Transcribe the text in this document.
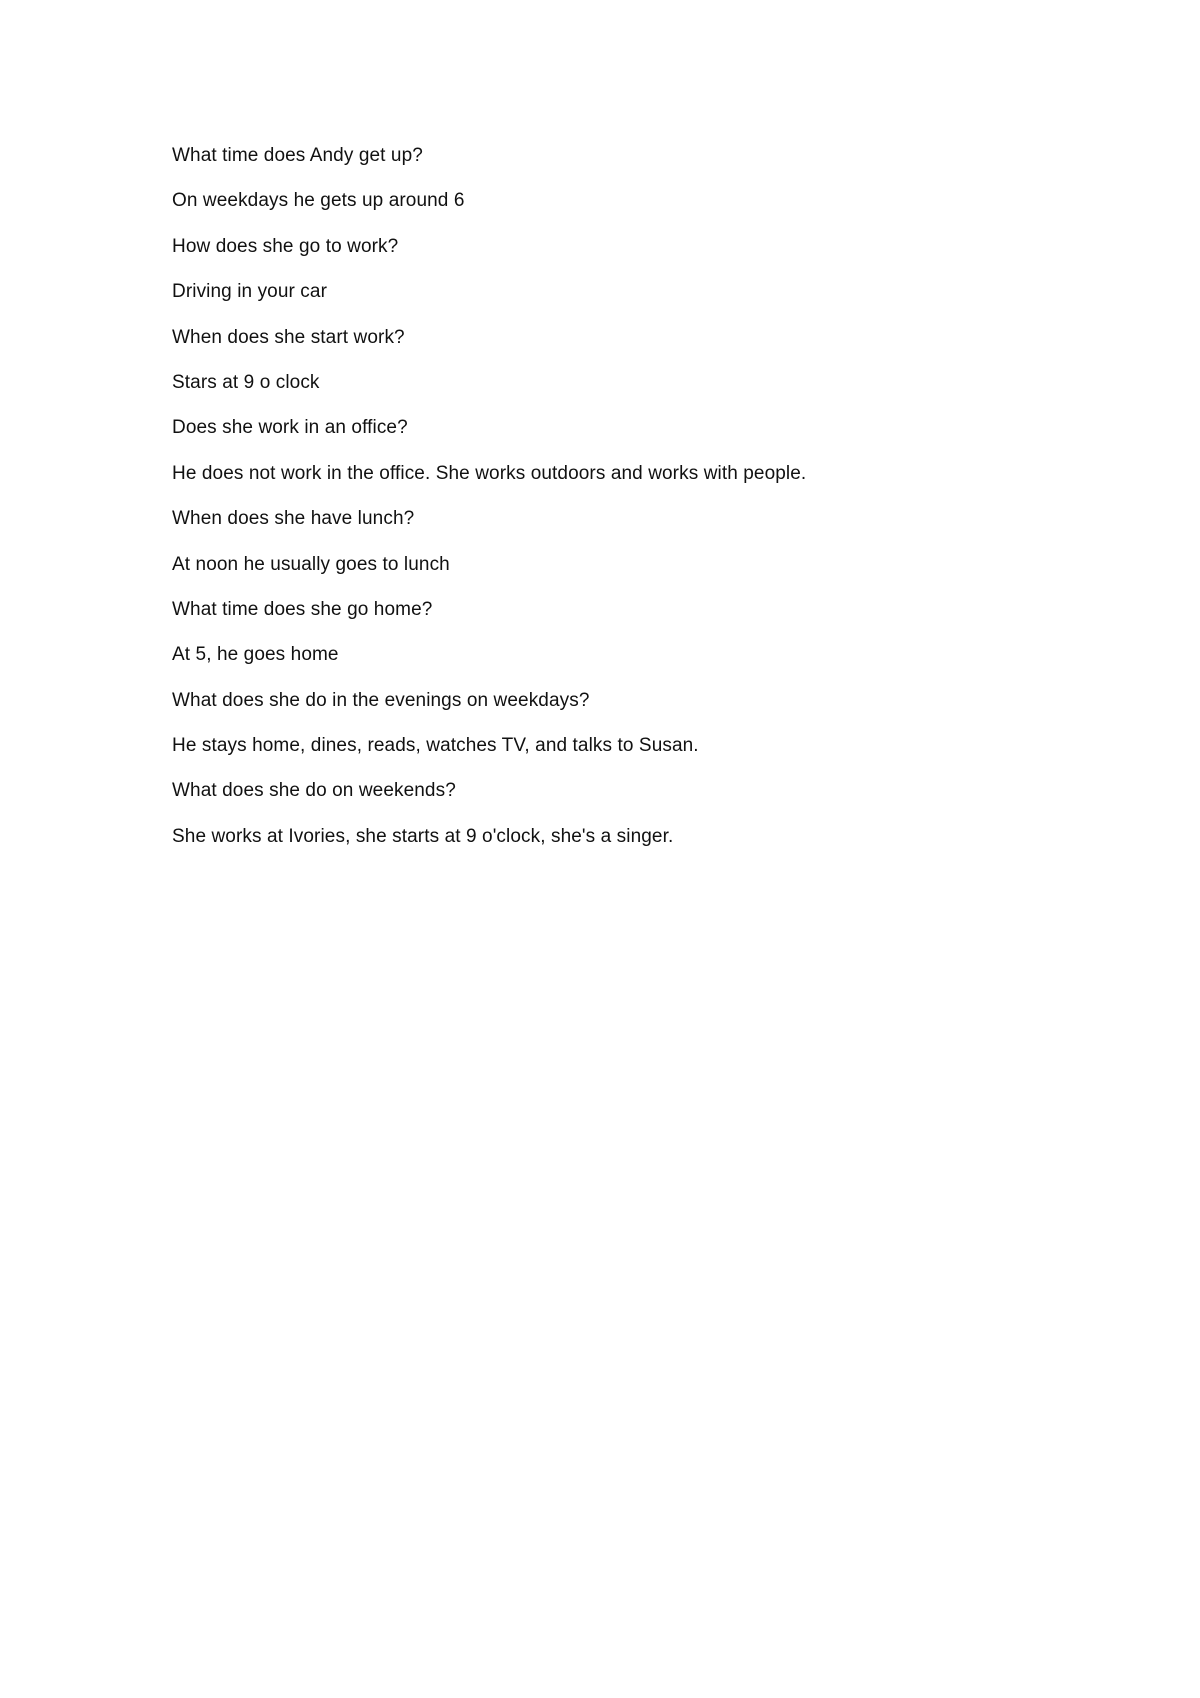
What time does Andy get up?

On weekdays he gets up around 6

How does she go to work?

Driving in your car

When does she start work?

Stars at 9 o clock

Does she work in an office?

He does not work in the office. She works outdoors and works with people.

When does she have lunch?

At noon he usually goes to lunch

What time does she go home?

At 5, he goes home

What does she do in the evenings on weekdays?

He stays home, dines, reads, watches TV, and talks to Susan.

What does she do on weekends?

She works at Ivories, she starts at 9 o'clock, she's a singer.
